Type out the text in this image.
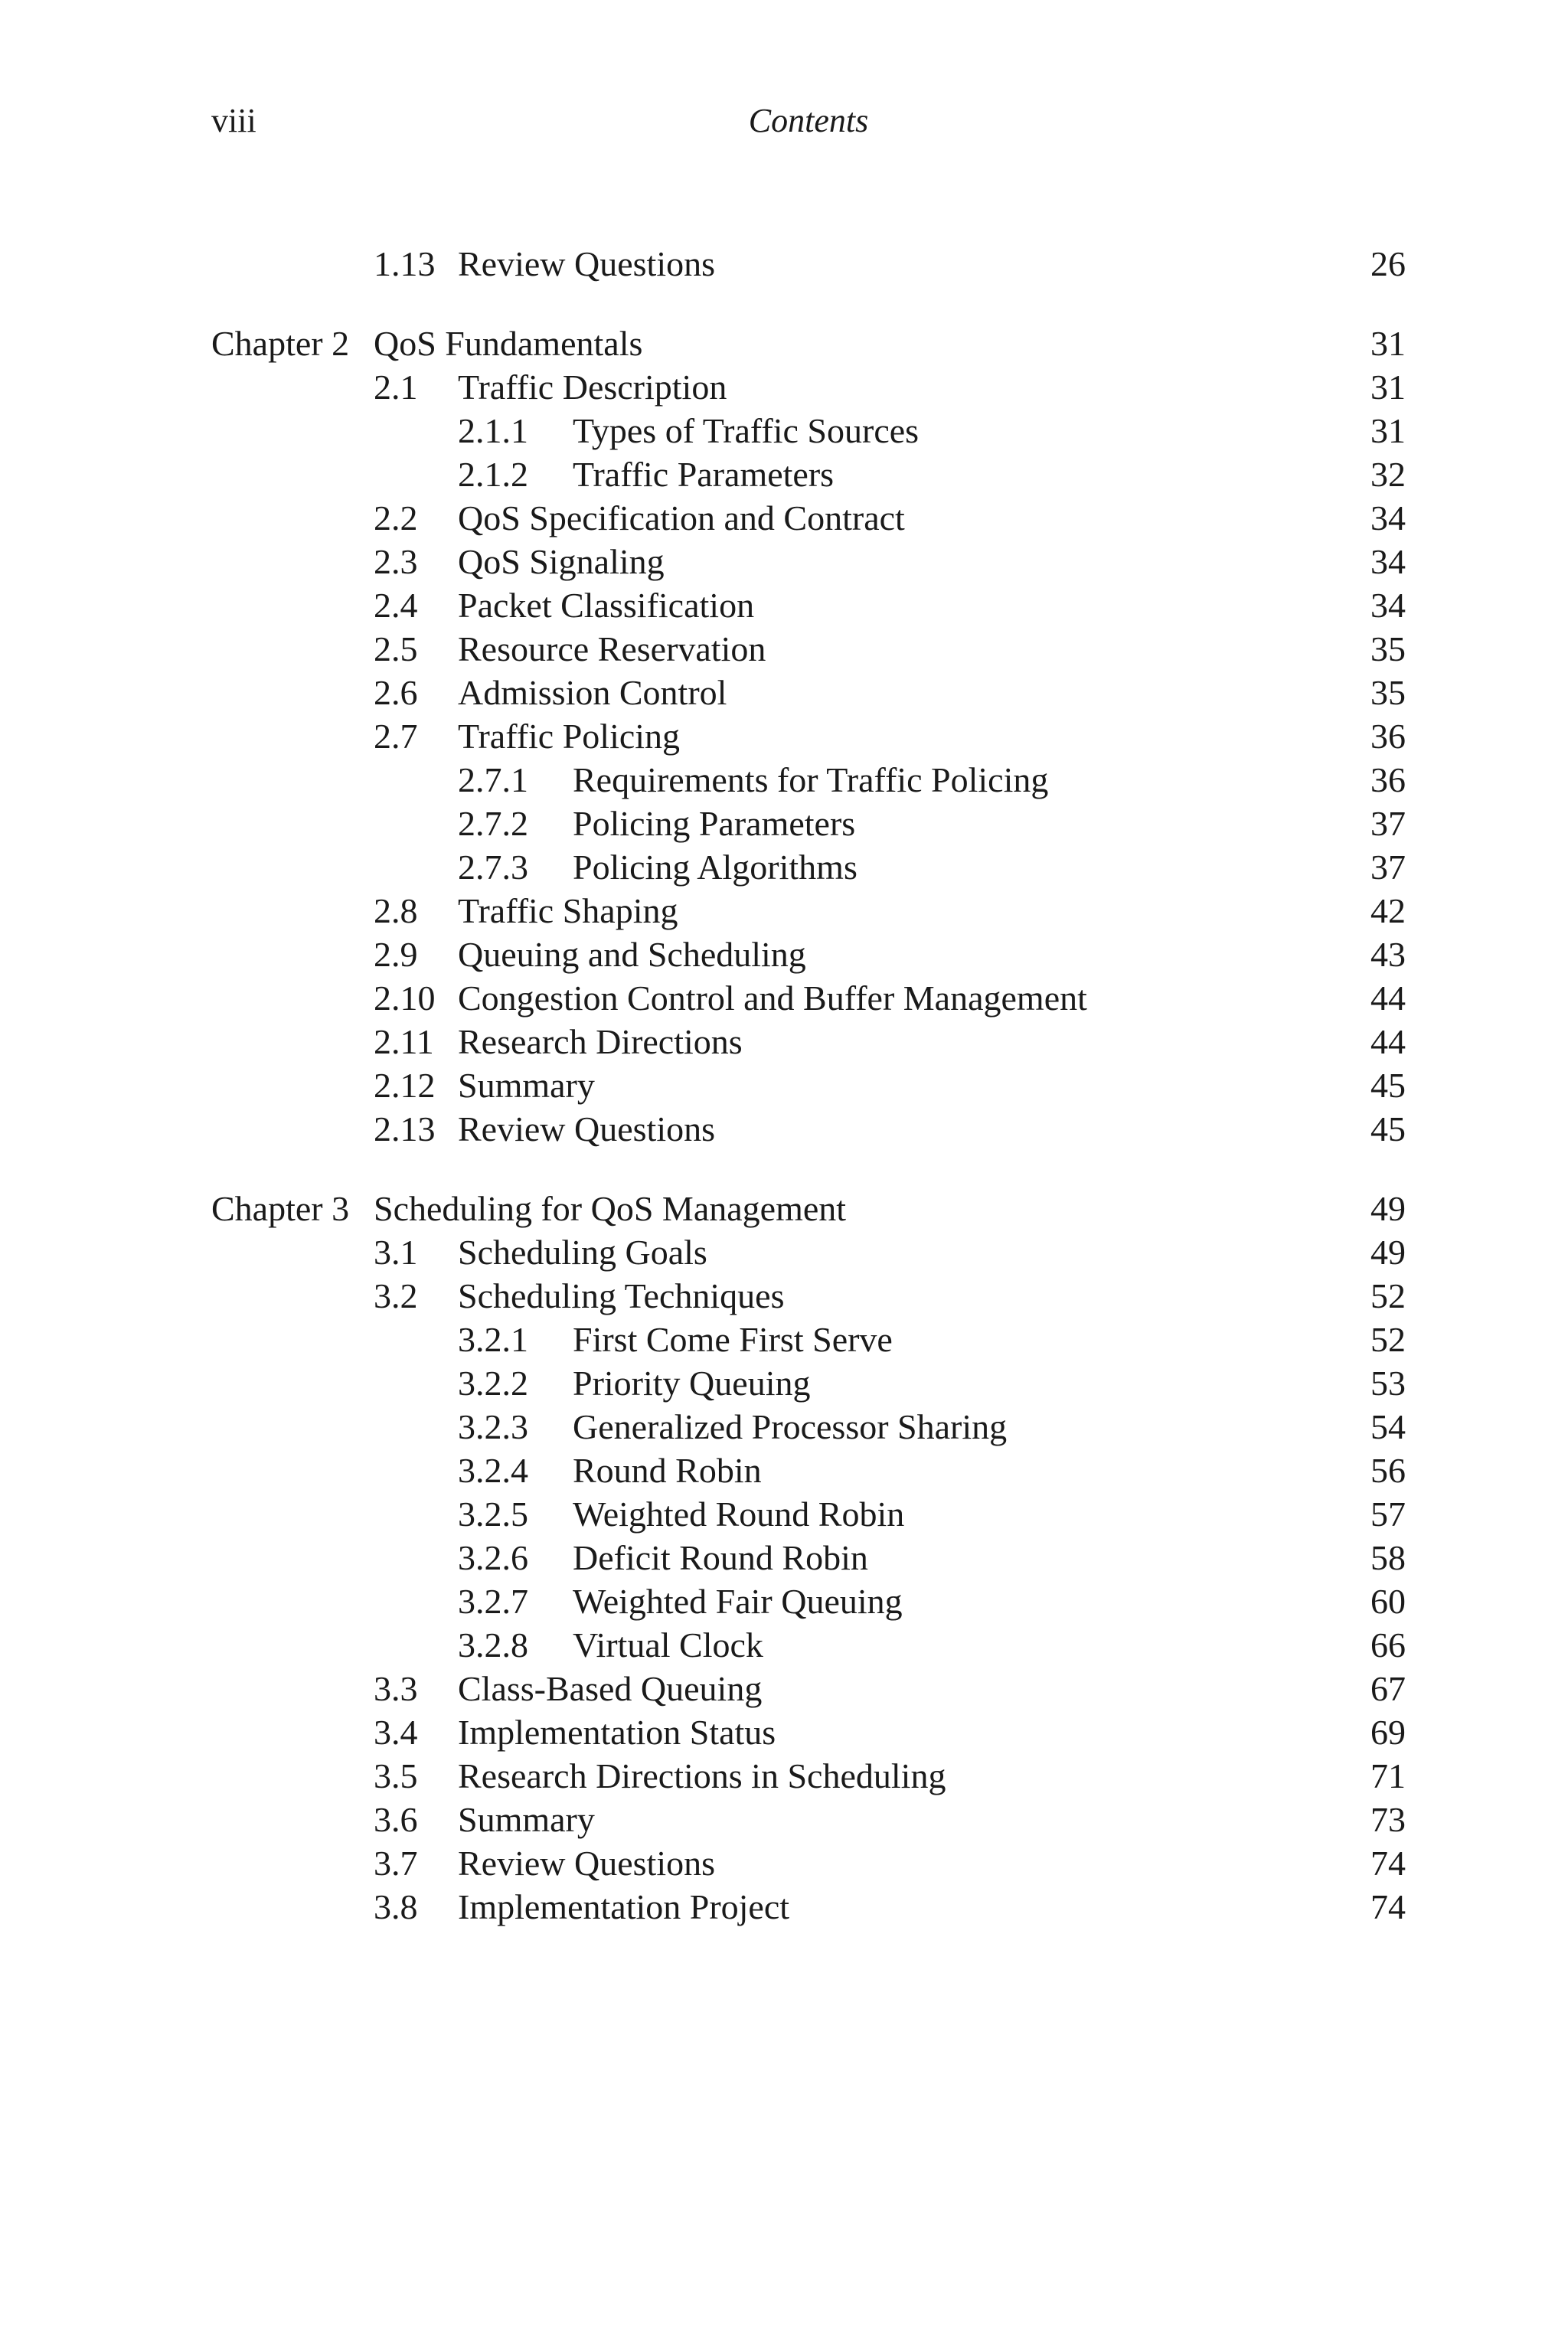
viii	Contents
1.13 Review Questions	26
Chapter 2 QoS Fundamentals	31
2.1 Traffic Description	31
2.1.1 Types of Traffic Sources	31
2.1.2 Traffic Parameters	32
2.2 QoS Specification and Contract	34
2.3 QoS Signaling	34
2.4 Packet Classification	34
2.5 Resource Reservation	35
2.6 Admission Control	35
2.7 Traffic Policing	36
2.7.1 Requirements for Traffic Policing	36
2.7.2 Policing Parameters	37
2.7.3 Policing Algorithms	37
2.8 Traffic Shaping	42
2.9 Queuing and Scheduling	43
2.10 Congestion Control and Buffer Management	44
2.11 Research Directions	44
2.12 Summary	45
2.13 Review Questions	45
Chapter 3 Scheduling for QoS Management	49
3.1 Scheduling Goals	49
3.2 Scheduling Techniques	52
3.2.1 First Come First Serve	52
3.2.2 Priority Queuing	53
3.2.3 Generalized Processor Sharing	54
3.2.4 Round Robin	56
3.2.5 Weighted Round Robin	57
3.2.6 Deficit Round Robin	58
3.2.7 Weighted Fair Queuing	60
3.2.8 Virtual Clock	66
3.3 Class-Based Queuing	67
3.4 Implementation Status	69
3.5 Research Directions in Scheduling	71
3.6 Summary	73
3.7 Review Questions	74
3.8 Implementation Project	74
